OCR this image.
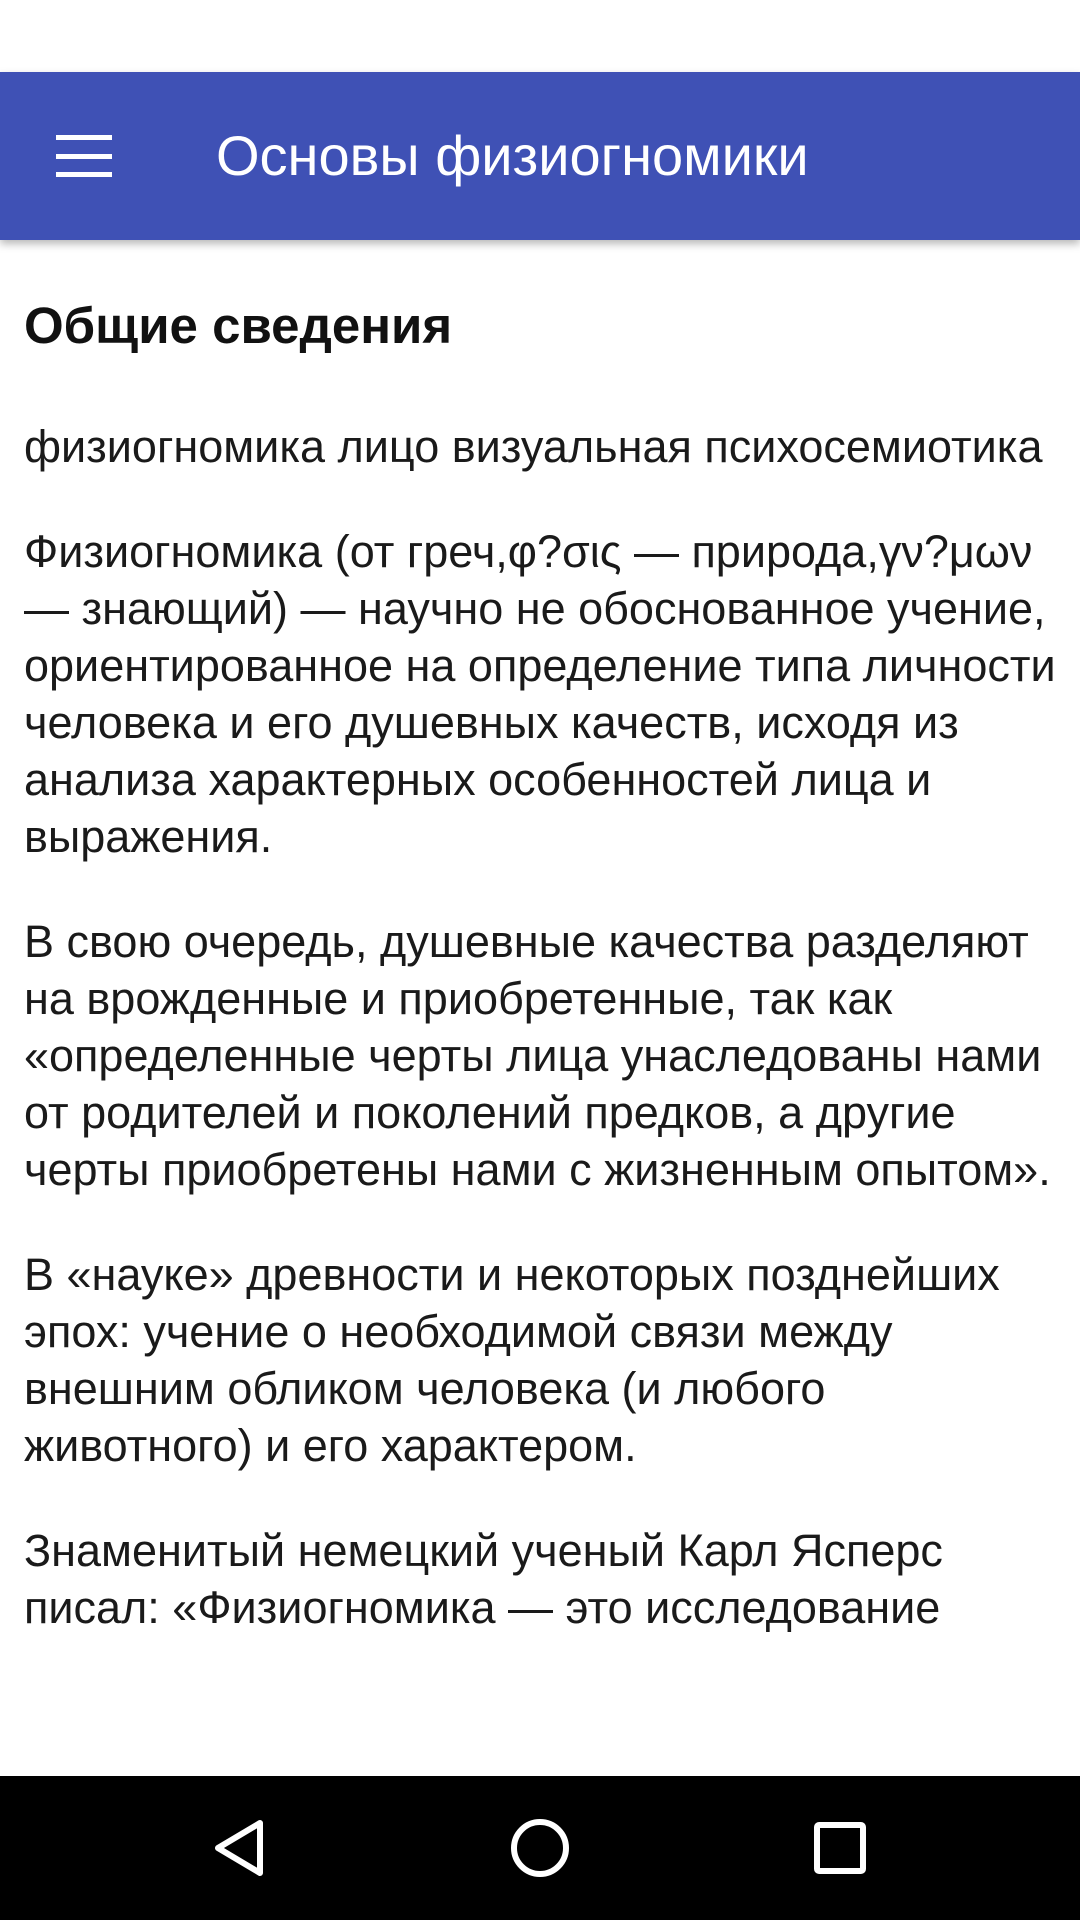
Основы физиогномики
Общие сведения

физиогномика лицо визуальная психосемиотика

Физиогномика (от греч,φ?σις — природа,γν?μων — знающий) — научно не обоснованное учение, ориентированное на определение типа личности человека и его душевных качеств, исходя из анализа характерных особенностей лица и выражения.

В свою очередь, душевные качества разделяют на врожденные и приобретенные, так как «определенные черты лица унаследованы нами от родителей и поколений предков, а другие черты приобретены нами с жизненным опытом».

В «науке» древности и некоторых позднейших эпох: учение о необходимой связи между внешним обликом человека (и любого животного) и его характером.

Знаменитый немецкий ученый Карл Ясперс писал: «Физиогномика — это исследование
